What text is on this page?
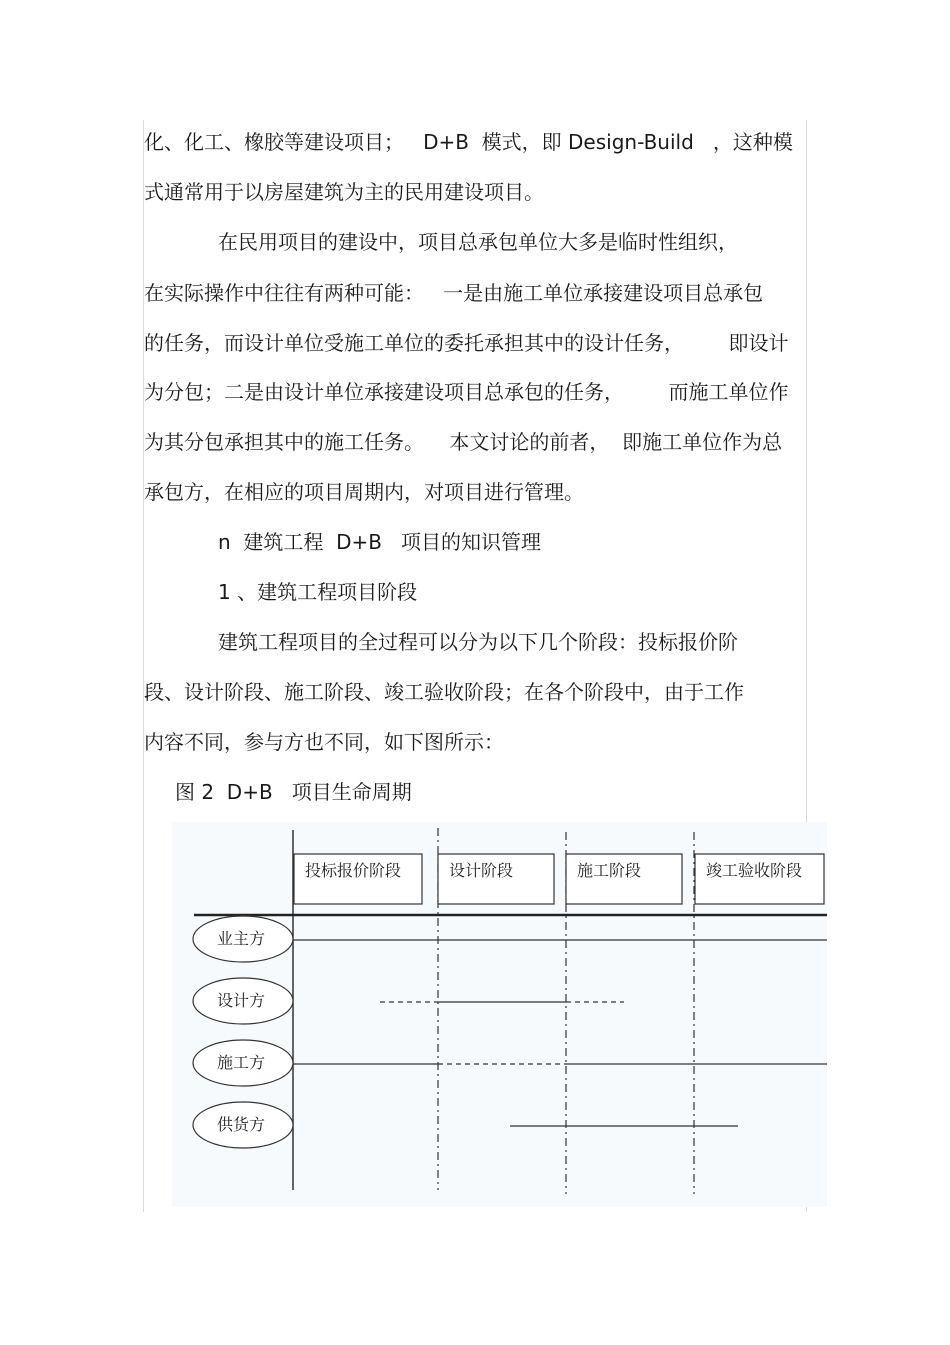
化、化工、橡胶等建设项目；   D+B  模式，即 Design-Build   ，这种模
式通常用于以房屋建筑为主的民用建设项目。
在民用项目的建设中，项目总承包单位大多是临时性组织，
在实际操作中往往有两种可能：   一是由施工单位承接建设项目总承包
的任务，而设计单位受施工单位的委托承担其中的设计任务，       即设计
为分包；二是由设计单位承接建设项目总承包的任务，       而施工单位作
为其分包承担其中的施工任务。    本文讨论的前者，  即施工单位作为总
承包方，在相应的项目周期内，对项目进行管理。
n  建筑工程  D+B   项目的知识管理
1 、建筑工程项目阶段
建筑工程项目的全过程可以分为以下几个阶段：投标报价阶
段、设计阶段、施工阶段、竣工验收阶段；在各个阶段中，由于工作
内容不同，参与方也不同，如下图所示：
图 2  D+B   项目生命周期
投标报价阶段	设计阶段	施工阶段	竣工验收阶段
业主方
设计方
施工方
供货方
